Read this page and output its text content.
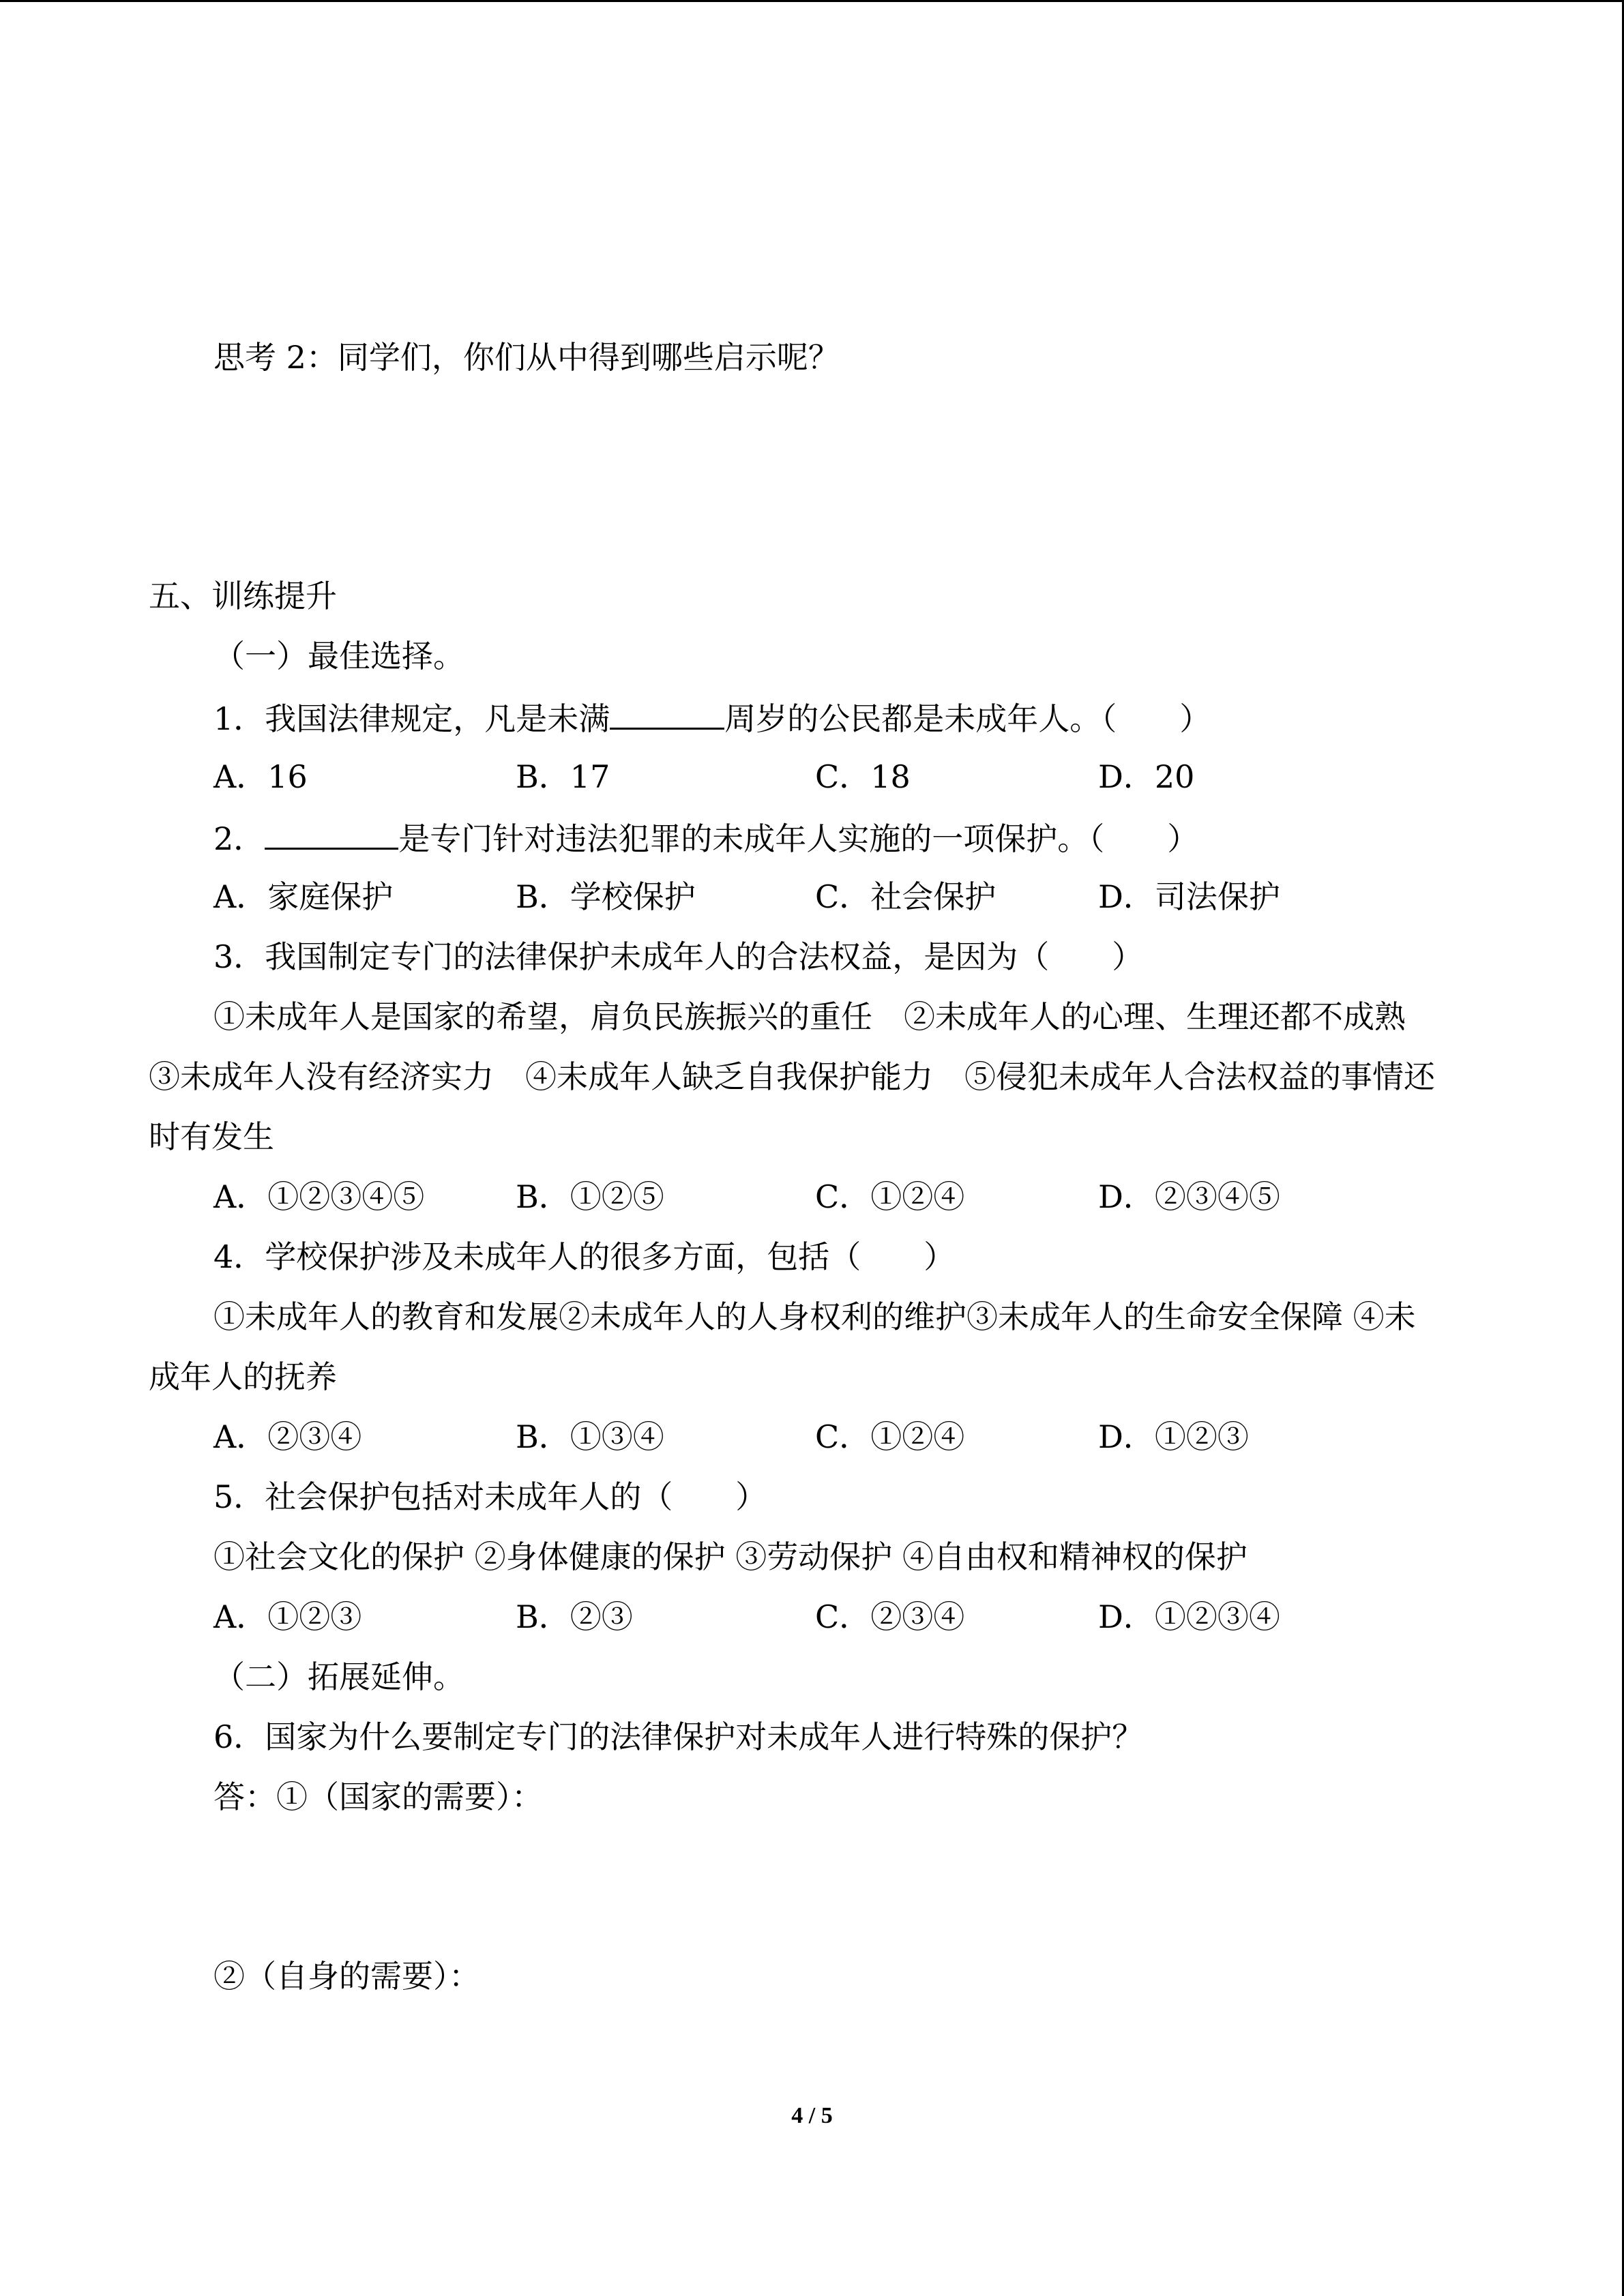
思考 2：同学们，你们从中得到哪些启示呢？
五、训练提升
（一）最佳选择。
1．我国法律规定，凡是未满	周岁的公民都是未成年人。（　　）
A．16	B．17	C．18	D．20
2．	是专门针对违法犯罪的未成年人实施的一项保护。（　　）
A．家庭保护	B．学校保护	C．社会保护	D．司法保护
3．我国制定专门的法律保护未成年人的合法权益，是因为（　　）
①未成年人是国家的希望，肩负民族振兴的重任　②未成年人的心理、生理还都不成熟
③未成年人没有经济实力　④未成年人缺乏自我保护能力　⑤侵犯未成年人合法权益的事情还
时有发生
A．①②③④⑤	B．①②⑤	C．①②④	D．②③④⑤
4．学校保护涉及未成年人的很多方面，包括（　　）
①未成年人的教育和发展②未成年人的人身权利的维护③未成年人的生命安全保障 ④未
成年人的抚养
A．②③④	B．①③④	C．①②④	D．①②③
5．社会保护包括对未成年人的（　　）
①社会文化的保护 ②身体健康的保护 ③劳动保护 ④自由权和精神权的保护
A．①②③	B．②③	C．②③④	D．①②③④
（二）拓展延伸。
6．国家为什么要制定专门的法律保护对未成年人进行特殊的保护？
答：①（国家的需要）：
②（自身的需要）：
4 / 5
